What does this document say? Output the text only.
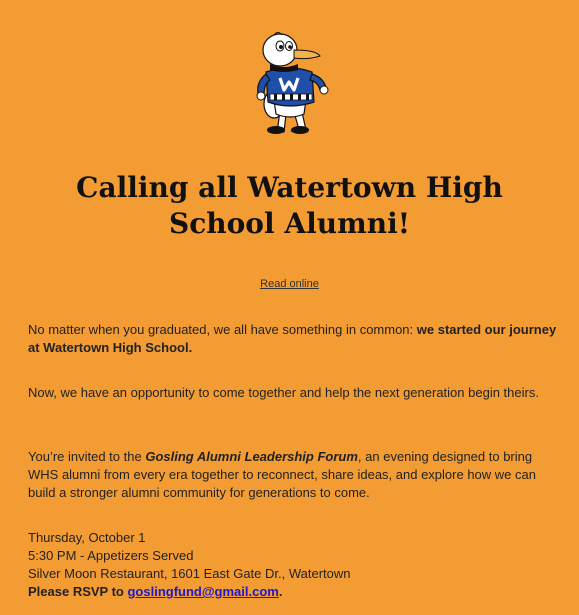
Calling all Watertown High
School Alumni!
Read online

No matter when you graduated, we all have something in common: we started our journey at Watertown High School.

Now, we have an opportunity to come together and help the next generation begin theirs.

You’re invited to the Gosling Alumni Leadership Forum, an evening designed to bring WHS alumni from every era together to reconnect, share ideas, and explore how we can build a stronger alumni community for generations to come.

Thursday, October 1
5:30 PM - Appetizers Served
Silver Moon Restaurant, 1601 East Gate Dr., Watertown
Please RSVP to goslingfund@gmail.com.
